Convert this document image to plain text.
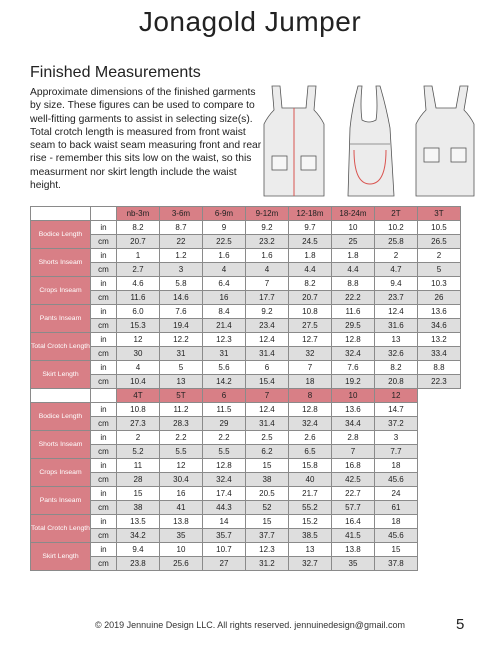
Jonagold Jumper
Finished Measurements
Approximate dimensions of the finished garments by size. These figures can be used to compare to well-fitting garments to assist in selecting size(s). Total crotch length is measured from front waist seam to back waist seam measuring front and rear rise - remember this sits low on the waist, so this measurment nor skirt length include the waist height.
		nb-3m	3-6m	6-9m	9-12m	12-18m	18-24m	2T	3T
Bodice Length	in	8.2	8.7	9	9.2	9.7	10	10.2	10.5
	cm	20.7	22	22.5	23.2	24.5	25	25.8	26.5
Shorts Inseam	in	1	1.2	1.6	1.6	1.8	1.8	2	2
	cm	2.7	3	4	4	4.4	4.4	4.7	5
Crops Inseam	in	4.6	5.8	6.4	7	8.2	8.8	9.4	10.3
	cm	11.6	14.6	16	17.7	20.7	22.2	23.7	26
Pants Inseam	in	6.0	7.6	8.4	9.2	10.8	11.6	12.4	13.6
	cm	15.3	19.4	21.4	23.4	27.5	29.5	31.6	34.6
Total Crotch Length	in	12	12.2	12.3	12.4	12.7	12.8	13	13.2
	cm	30	31	31	31.4	32	32.4	32.6	33.4
Skirt Length	in	4	5	5.6	6	7	7.6	8.2	8.8
	cm	10.4	13	14.2	15.4	18	19.2	20.8	22.3
		4T	5T	6	7	8	10	12
Bodice Length	in	10.8	11.2	11.5	12.4	12.8	13.6	14.7
	cm	27.3	28.3	29	31.4	32.4	34.4	37.2
Shorts Inseam	in	2	2.2	2.2	2.5	2.6	2.8	3
	cm	5.2	5.5	5.5	6.2	6.5	7	7.7
Crops Inseam	in	11	12	12.8	15	15.8	16.8	18
	cm	28	30.4	32.4	38	40	42.5	45.6
Pants Inseam	in	15	16	17.4	20.5	21.7	22.7	24
	cm	38	41	44.3	52	55.2	57.7	61
Total Crotch Length	in	13.5	13.8	14	15	15.2	16.4	18
	cm	34.2	35	35.7	37.7	38.5	41.5	45.6
Skirt Length	in	9.4	10	10.7	12.3	13	13.8	15
	cm	23.8	25.6	27	31.2	32.7	35	37.8
© 2019 Jennuine Design LLC. All rights reserved. jennuinedesign@gmail.com	5
